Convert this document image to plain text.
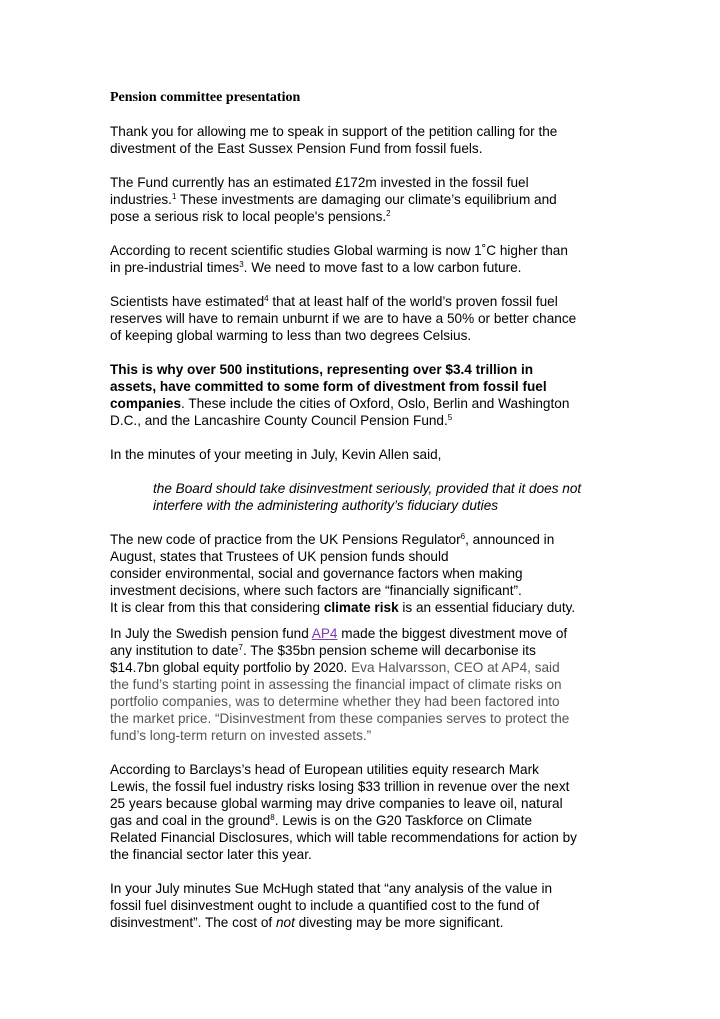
Pension committee presentation

Thank you for allowing me to speak in support of the petition calling for the
divestment of the East Sussex Pension Fund from fossil fuels.

The Fund currently has an estimated £172m invested in the fossil fuel
industries.$^1$ These investments are damaging our climate’s equilibrium and
pose a serious risk to local people's pensions.$^2$

According to recent scientific studies Global warming is now 1˚C higher than
in pre-industrial times$^3$. We need to move fast to a low carbon future.

Scientists have estimated$^4$ that at least half of the world’s proven fossil fuel
reserves will have to remain unburnt if we are to have a 50% or better chance
of keeping global warming to less than two degrees Celsius.

This is why over 500 institutions, representing over $3.4 trillion in
assets, have committed to some form of divestment from fossil fuel
companies. These include the cities of Oxford, Oslo, Berlin and Washington
D.C., and the Lancashire County Council Pension Fund.$^5$

In the minutes of your meeting in July, Kevin Allen said,

the Board should take disinvestment seriously, provided that it does not
interfere with the administering authority’s fiduciary duties

The new code of practice from the UK Pensions Regulator$^6$, announced in
August, states that Trustees of UK pension funds should
consider environmental, social and governance factors when making
investment decisions, where such factors are “financially significant”.
It is clear from this that considering climate risk is an essential fiduciary duty.

In July the Swedish pension fund AP4 made the biggest divestment move of
any institution to date$^7$. The $35bn pension scheme will decarbonise its
$14.7bn global equity portfolio by 2020. Eva Halvarsson, CEO at AP4, said
the fund’s starting point in assessing the financial impact of climate risks on
portfolio companies, was to determine whether they had been factored into
the market price. “Disinvestment from these companies serves to protect the
fund’s long-term return on invested assets.”

According to Barclays’s head of European utilities equity research Mark
Lewis, the fossil fuel industry risks losing $33 trillion in revenue over the next
25 years because global warming may drive companies to leave oil, natural
gas and coal in the ground$^8$. Lewis is on the G20 Taskforce on Climate
Related Financial Disclosures, which will table recommendations for action by
the financial sector later this year.

In your July minutes Sue McHugh stated that “any analysis of the value in
fossil fuel disinvestment ought to include a quantified cost to the fund of
disinvestment”. The cost of not divesting may be more significant.
